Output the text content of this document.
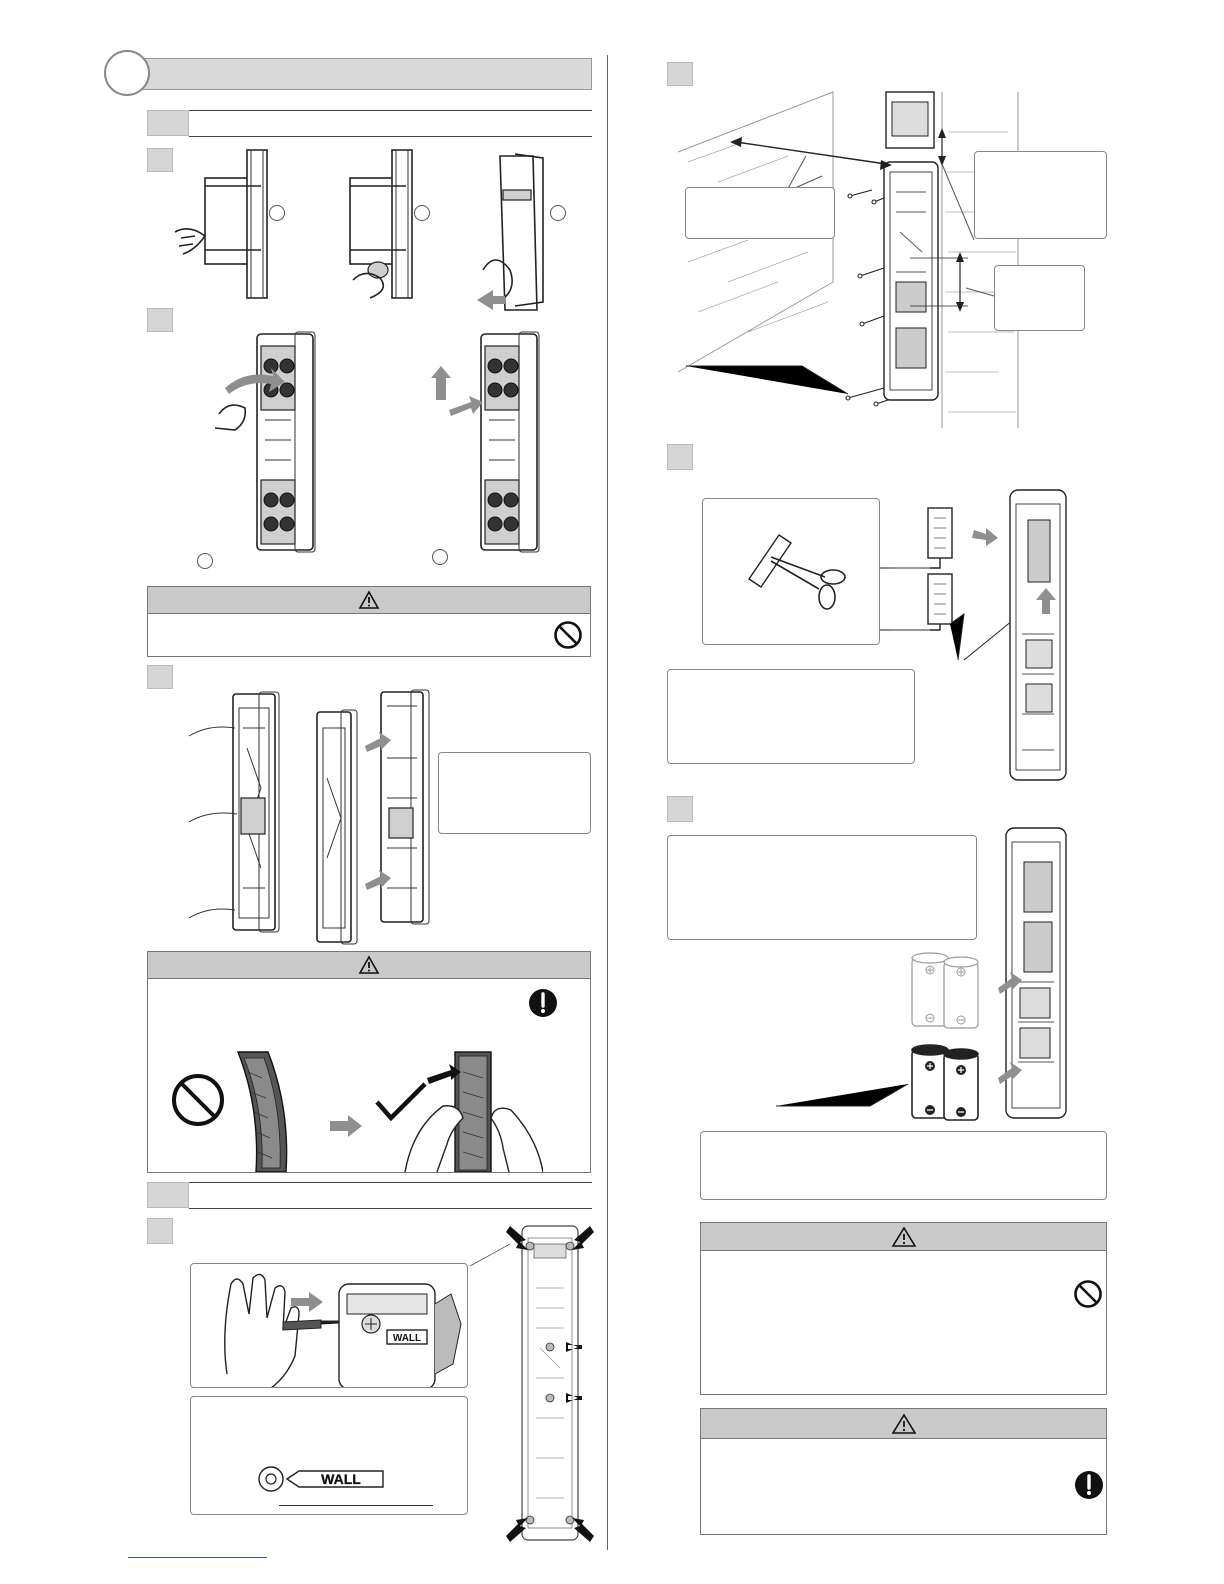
WALL
WALL
